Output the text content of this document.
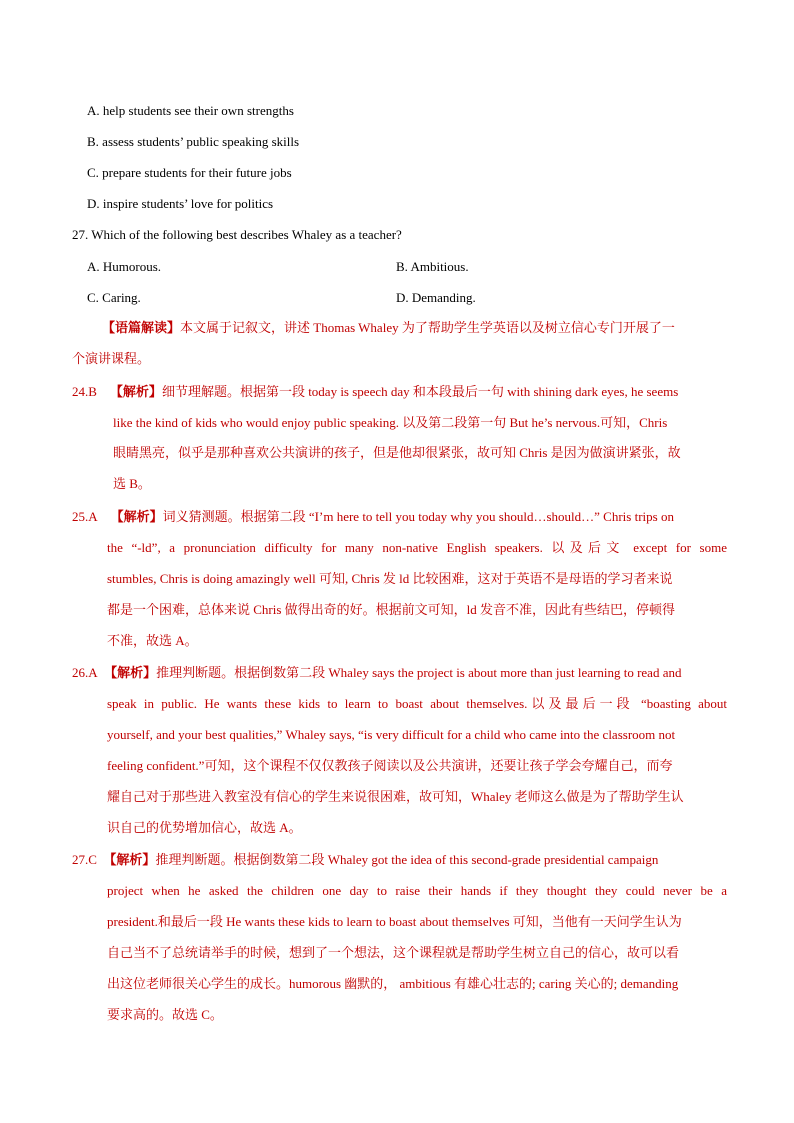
A. help students see their own strengths
B. assess students’ public speaking skills
C. prepare students for their future jobs
D. inspire students’ love for politics
27. Which of the following best describes Whaley as a teacher?
A. Humorous.	B. Ambitious.
C. Caring.	D. Demanding.
【语篇解读】本文属于记叙文，讲述 Thomas Whaley 为了帮助学生学英语以及树立信心专门开展了一
个演讲课程。
24.B 【解析】细节理解题。根据第一段 today is speech day 和本段最后一句 with shining dark eyes, he seems
like the kind of kids who would enjoy public speaking. 以及第二段第一句 But he’s nervous.可知，Chris
眼睛黑亮，似乎是那种喜欢公共演讲的孩子，但是他却很紧张，故可知 Chris 是因为做演讲紧张，故
选 B。
25.A 【解析】词义猜测题。根据第二段 “I’m here to tell you today why you should…should…” Chris trips on
the “-ld”, a pronunciation difficulty for many non-native English speakers. 以及后文 except for some
stumbles, Chris is doing amazingly well 可知, Chris 发 ld 比较困难，这对于英语不是母语的学习者来说
都是一个困难，总体来说 Chris 做得出奇的好。根据前文可知，ld 发音不准，因此有些结巴，停顿得
不准，故选 A。
26.A 【解析】推理判断题。根据倒数第二段 Whaley says the project is about more than just learning to read and
speak in public. He wants these kids to learn to boast about themselves.以及最后一段 “boasting about
yourself, and your best qualities,” Whaley says, “is very difficult for a child who came into the classroom not
feeling confident.”可知，这个课程不仅仅教孩子阅读以及公共演讲，还要让孩子学会夸耀自己，而夸
耀自己对于那些进入教室没有信心的学生来说很困难，故可知，Whaley 老师这么做是为了帮助学生认
识自己的优势增加信心，故选 A。
27.C 【解析】推理判断题。根据倒数第二段 Whaley got the idea of this second-grade presidential campaign
project when he asked the children one day to raise their hands if they thought they could never be a
president.和最后一段 He wants these kids to learn to boast about themselves 可知，当他有一天问学生认为
自己当不了总统请举手的时候，想到了一个想法，这个课程就是帮助学生树立自己的信心，故可以看
出这位老师很关心学生的成长。humorous 幽默的， ambitious 有雄心壮志的; caring 关心的; demanding
要求高的。故选 C。
